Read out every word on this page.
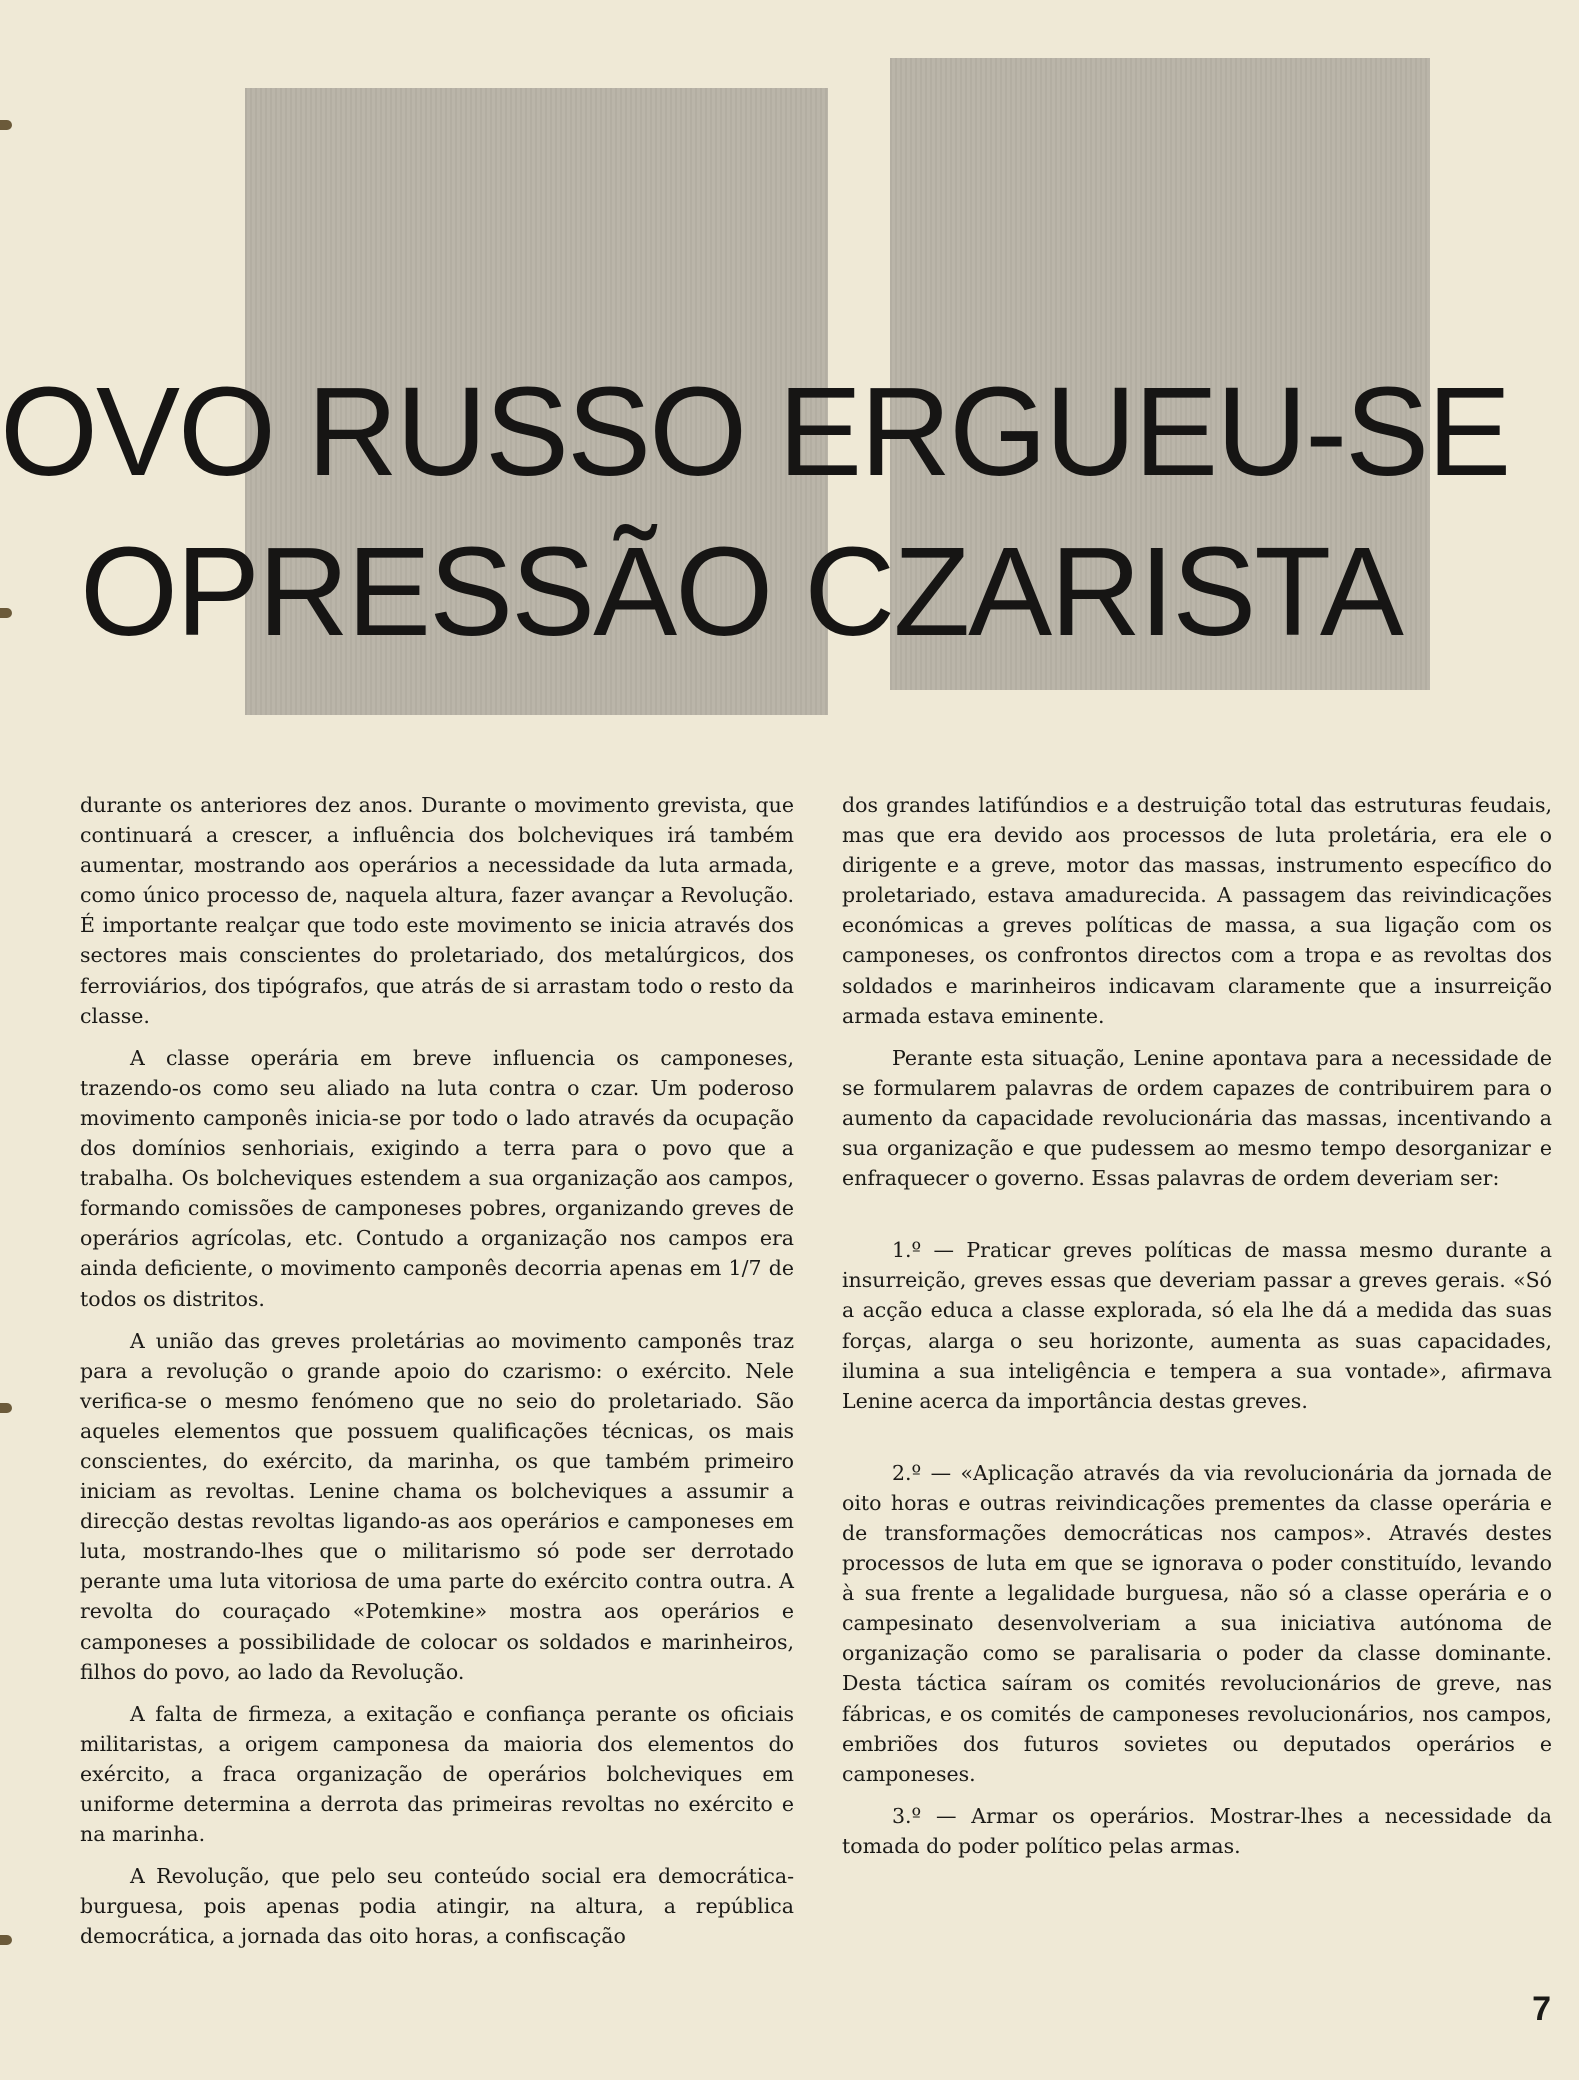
OVO RUSSO ERGUEU-SE
OPRESSÃO CZARISTA

durante os anteriores dez anos. Durante o movimento grevista, que continuará a crescer, a influência dos bolcheviques irá também aumentar, mostrando aos operários a necessidade da luta armada, como único processo de, naquela altura, fazer avançar a Revolução. É importante realçar que todo este movimento se inicia através dos sectores mais conscientes do proletariado, dos metalúrgicos, dos ferroviários, dos tipógrafos, que atrás de si arrastam todo o resto da classe.

A classe operária em breve influencia os camponeses, trazendo-os como seu aliado na luta contra o czar. Um poderoso movimento camponês inicia-se por todo o lado através da ocupação dos domínios senhoriais, exigindo a terra para o povo que a trabalha. Os bolcheviques estendem a sua organização aos campos, formando comissões de camponeses pobres, organizando greves de operários agrícolas, etc. Contudo a organização nos campos era ainda deficiente, o movimento camponês decorria apenas em 1/7 de todos os distritos.

A união das greves proletárias ao movimento camponês traz para a revolução o grande apoio do czarismo: o exército. Nele verifica-se o mesmo fenómeno que no seio do proletariado. São aqueles elementos que possuem qualificações técnicas, os mais conscientes, do exército, da marinha, os que também primeiro iniciam as revoltas. Lenine chama os bolcheviques a assumir a direcção destas revoltas ligando-as aos operários e camponeses em luta, mostrando-lhes que o militarismo só pode ser derrotado perante uma luta vitoriosa de uma parte do exército contra outra. A revolta do couraçado «Potemkine» mostra aos operários e camponeses a possibilidade de colocar os soldados e marinheiros, filhos do povo, ao lado da Revolução.

A falta de firmeza, a exitação e confiança perante os oficiais militaristas, a origem camponesa da maioria dos elementos do exército, a fraca organização de operários bolcheviques em uniforme determina a derrota das primeiras revoltas no exército e na marinha.

A Revolução, que pelo seu conteúdo social era democrática-burguesa, pois apenas podia atingir, na altura, a república democrática, a jornada das oito horas, a confiscação

dos grandes latifúndios e a destruição total das estruturas feudais, mas que era devido aos processos de luta proletária, era ele o dirigente e a greve, motor das massas, instrumento específico do proletariado, estava amadurecida. A passagem das reivindicações económicas a greves políticas de massa, a sua ligação com os camponeses, os confrontos directos com a tropa e as revoltas dos soldados e marinheiros indicavam claramente que a insurreição armada estava eminente.

Perante esta situação, Lenine apontava para a necessidade de se formularem palavras de ordem capazes de contribuirem para o aumento da capacidade revolucionária das massas, incentivando a sua organização e que pudessem ao mesmo tempo desorganizar e enfraquecer o governo. Essas palavras de ordem deveriam ser:

1.º — Praticar greves políticas de massa mesmo durante a insurreição, greves essas que deveriam passar a greves gerais. «Só a acção educa a classe explorada, só ela lhe dá a medida das suas forças, alarga o seu horizonte, aumenta as suas capacidades, ilumina a sua inteligência e tempera a sua vontade», afirmava Lenine acerca da importância destas greves.

2.º — «Aplicação através da via revolucionária da jornada de oito horas e outras reivindicações prementes da classe operária e de transformações democráticas nos campos». Através destes processos de luta em que se ignorava o poder constituído, levando à sua frente a legalidade burguesa, não só a classe operária e o campesinato desenvolveriam a sua iniciativa autónoma de organização como se paralisaria o poder da classe dominante. Desta táctica saíram os comités revolucionários de greve, nas fábricas, e os comités de camponeses revolucionários, nos campos, embriões dos futuros sovietes ou deputados operários e camponeses.

3.º — Armar os operários. Mostrar-lhes a necessidade da tomada do poder político pelas armas.

7
